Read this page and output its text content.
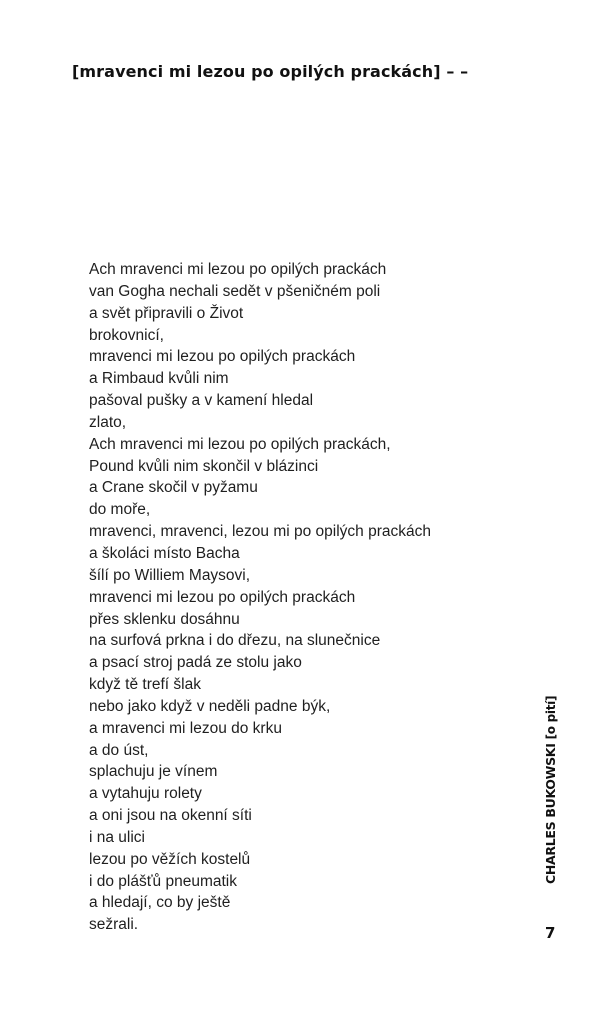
[mravenci mi lezou po opilých prackách] – –
Ach mravenci mi lezou po opilých prackách
van Gogha nechali sedět v pšeničném poli
a svět připravili o Život
brokovnicí,
mravenci mi lezou po opilých prackách
a Rimbaud kvůli nim
pašoval pušky a v kamení hledal
zlato,
Ach mravenci mi lezou po opilých prackách,
Pound kvůli nim skončil v blázinci
a Crane skočil v pyžamu
do moře,
mravenci, mravenci, lezou mi po opilých prackách
a školáci místo Bacha
šílí po Williem Maysovi,
mravenci mi lezou po opilých prackách
přes sklenku dosáhnu
na surfová prkna i do dřezu, na slunečnice
a psací stroj padá ze stolu jako
když tě trefí šlak
nebo jako když v neděli padne býk,
a mravenci mi lezou do krku
a do úst,
splachuju je vínem
a vytahuju rolety
a oni jsou na okenní síti
i na ulici
lezou po věžích kostelů
i do plášťů pneumatik
a hledají, co by ještě
sežrali.
CHARLES BUKOWSKI [o pití]
7
